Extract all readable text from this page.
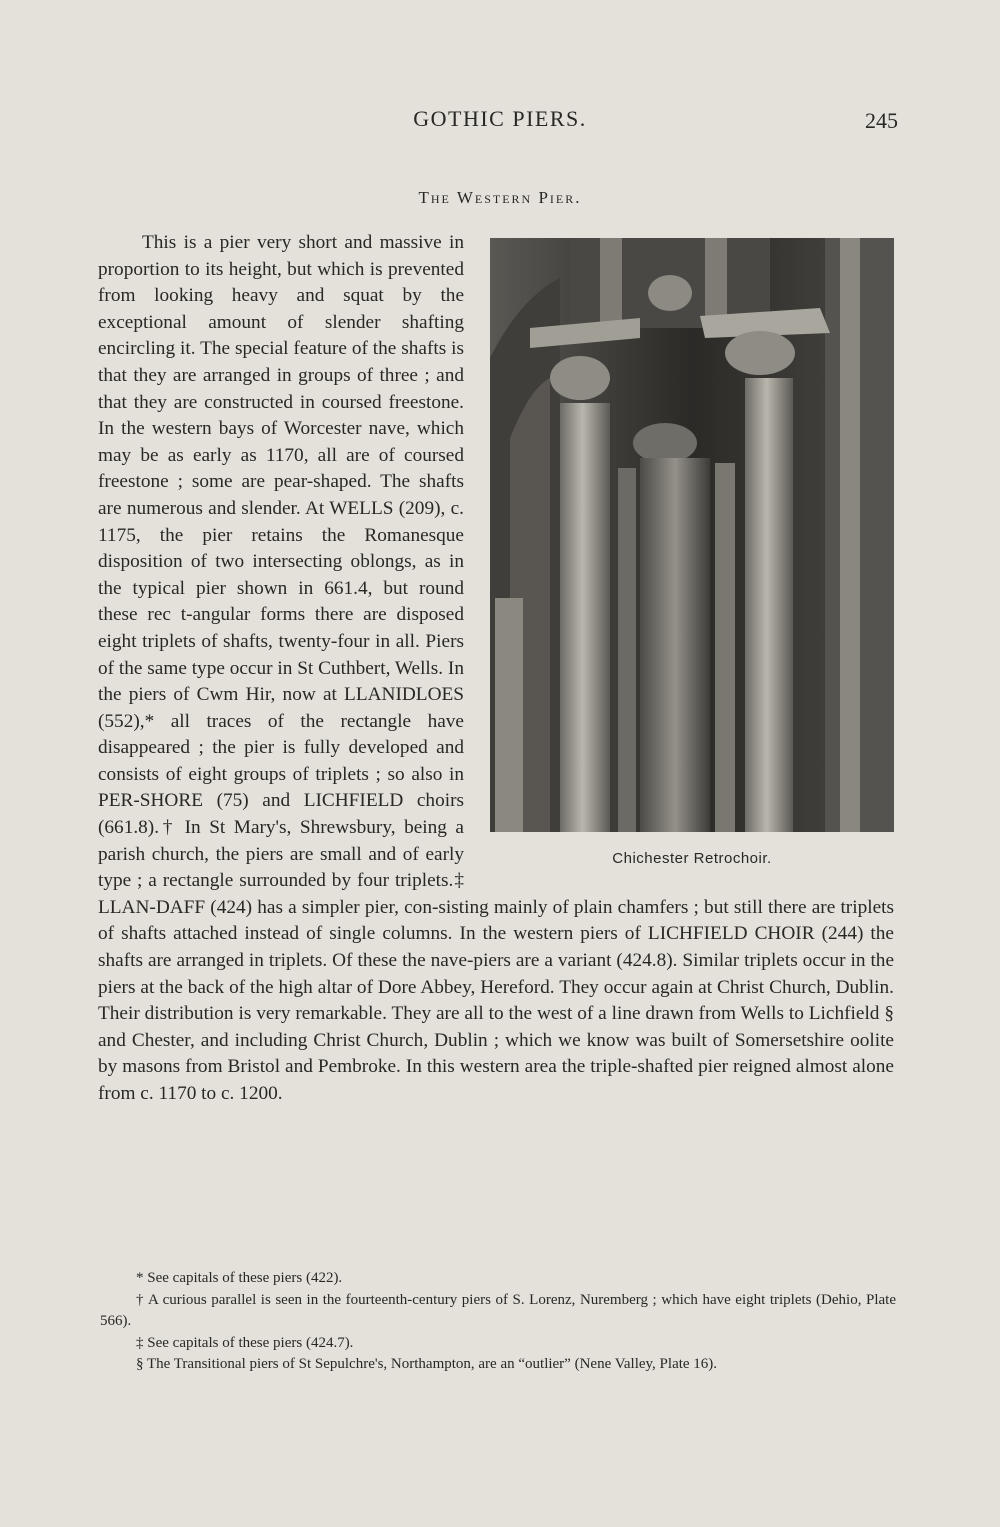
GOTHIC PIERS.	245
The Western Pier.
Chichester Retrochoir.

This is a pier very short and massive in proportion to its height, but which is prevented from looking heavy and squat by the exceptional amount of slender shafting encircling it. The special feature of the shafts is that they are arranged in groups of three ; and that they are constructed in coursed freestone. In the western bays of Worcester nave, which may be as early as 1170, all are of coursed freestone ; some are pear-shaped. The shafts are numerous and slender. At WELLS (209), c. 1175, the pier retains the Romanesque disposition of two intersecting oblongs, as in the typical pier shown in 661.4, but round these rec t-angular forms there are disposed eight triplets of shafts, twenty-four in all. Piers of the same type occur in St Cuthbert, Wells. In the piers of Cwm Hir, now at LLANIDLOES (552),* all traces of the rectangle have disappeared ; the pier is fully developed and consists of eight groups of triplets ; so also in PER-SHORE (75) and LICHFIELD choirs (661.8).† In St Mary's, Shrewsbury, being a parish church, the piers are small and of early type ; a rectangle surrounded by four triplets.‡ LLAN-DAFF (424) has a simpler pier, con-sisting mainly of plain chamfers ; but still there are triplets of shafts attached instead of single columns. In the western piers of LICHFIELD CHOIR (244) the shafts are arranged in triplets. Of these the nave-piers are a variant (424.8). Similar triplets occur in the piers at the back of the high altar of Dore Abbey, Hereford. They occur again at Christ Church, Dublin. Their distribution is very remarkable. They are all to the west of a line drawn from Wells to Lichfield § and Chester, and including Christ Church, Dublin ; which we know was built of Somersetshire oolite by masons from Bristol and Pembroke. In this western area the triple-shafted pier reigned almost alone from c. 1170 to c. 1200.

* See capitals of these piers (422).

† A curious parallel is seen in the fourteenth-century piers of S. Lorenz, Nuremberg ; which have eight triplets (Dehio, Plate 566).

‡ See capitals of these piers (424.7).

§ The Transitional piers of St Sepulchre's, Northampton, are an “outlier” (Nene Valley, Plate 16).
